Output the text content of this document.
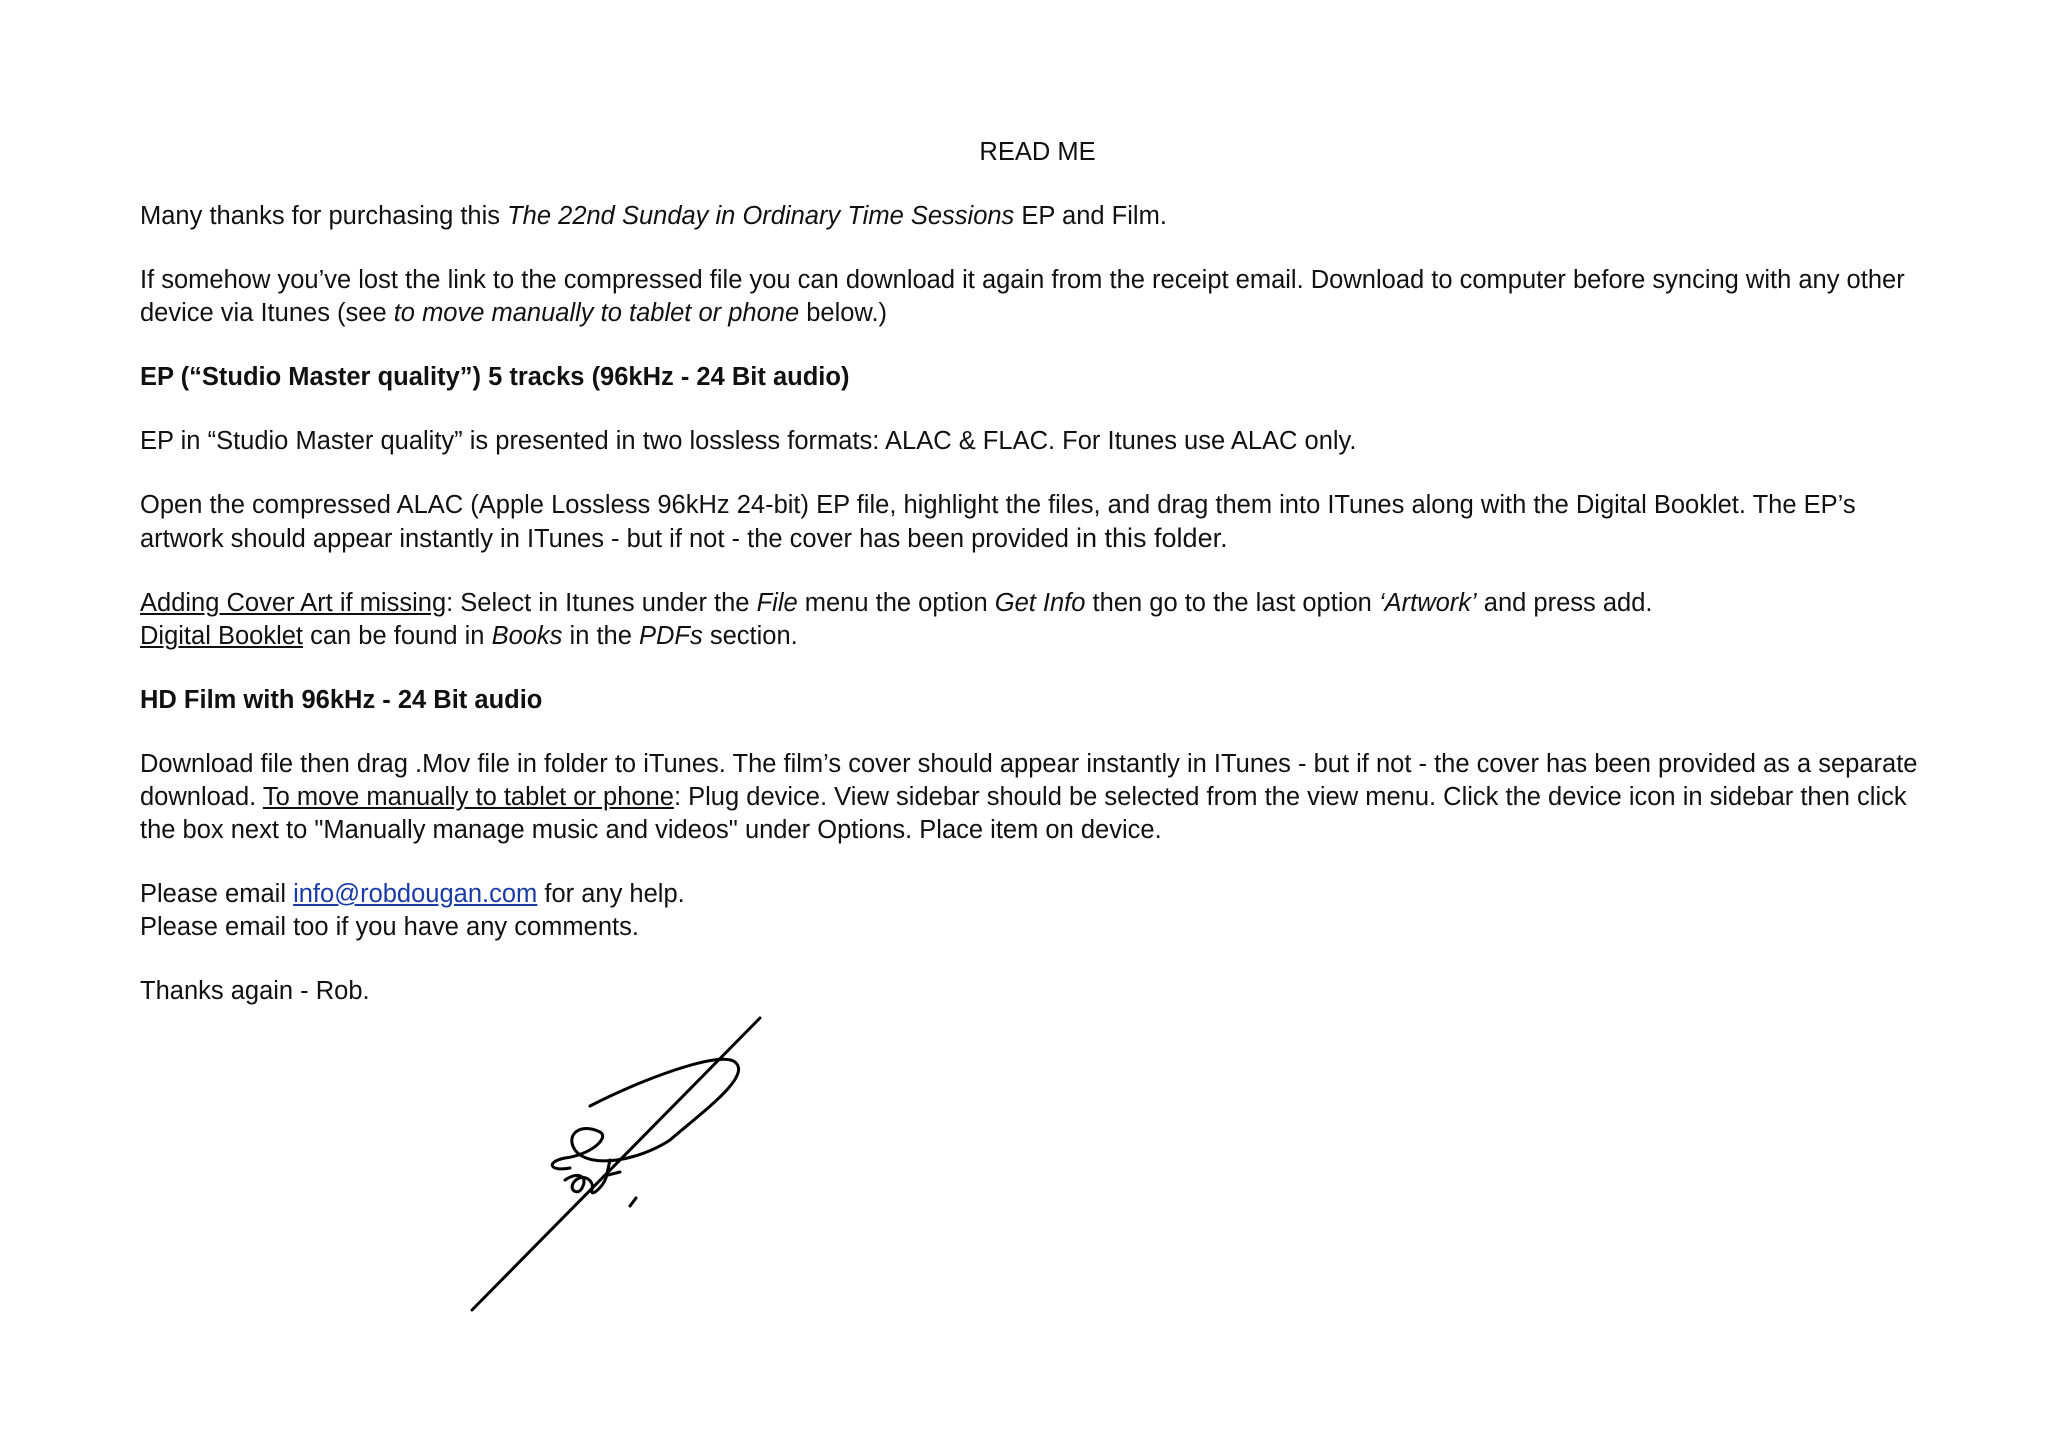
READ ME

Many thanks for purchasing this The 22nd Sunday in Ordinary Time Sessions EP and Film.

If somehow you’ve lost the link to the compressed file you can download it again from the receipt email. Download to computer before syncing with any other device via Itunes (see to move manually to tablet or phone below.)

EP (“Studio Master quality”) 5 tracks (96kHz - 24 Bit audio)

EP in “Studio Master quality” is presented in two lossless formats: ALAC & FLAC. For Itunes use ALAC only.

Open the compressed ALAC (Apple Lossless 96kHz 24-bit) EP file, highlight the files, and drag them into ITunes along with the Digital Booklet. The EP’s artwork should appear instantly in ITunes - but if not - the cover has been provided in this folder.

Adding Cover Art if missing: Select in Itunes under the File menu the option Get Info then go to the last option ‘Artwork’ and press add.
Digital Booklet can be found in Books in the PDFs section.

HD Film with 96kHz - 24 Bit audio

Download file then drag .Mov file in folder to iTunes. The film’s cover should appear instantly in ITunes - but if not - the cover has been provided as a separate download. To move manually to tablet or phone: Plug device. View sidebar should be selected from the view menu. Click the device icon in sidebar then click the box next to "Manually manage music and videos" under Options. Place item on device.

Please email info@robdougan.com for any help.
Please email too if you have any comments.

Thanks again - Rob.
